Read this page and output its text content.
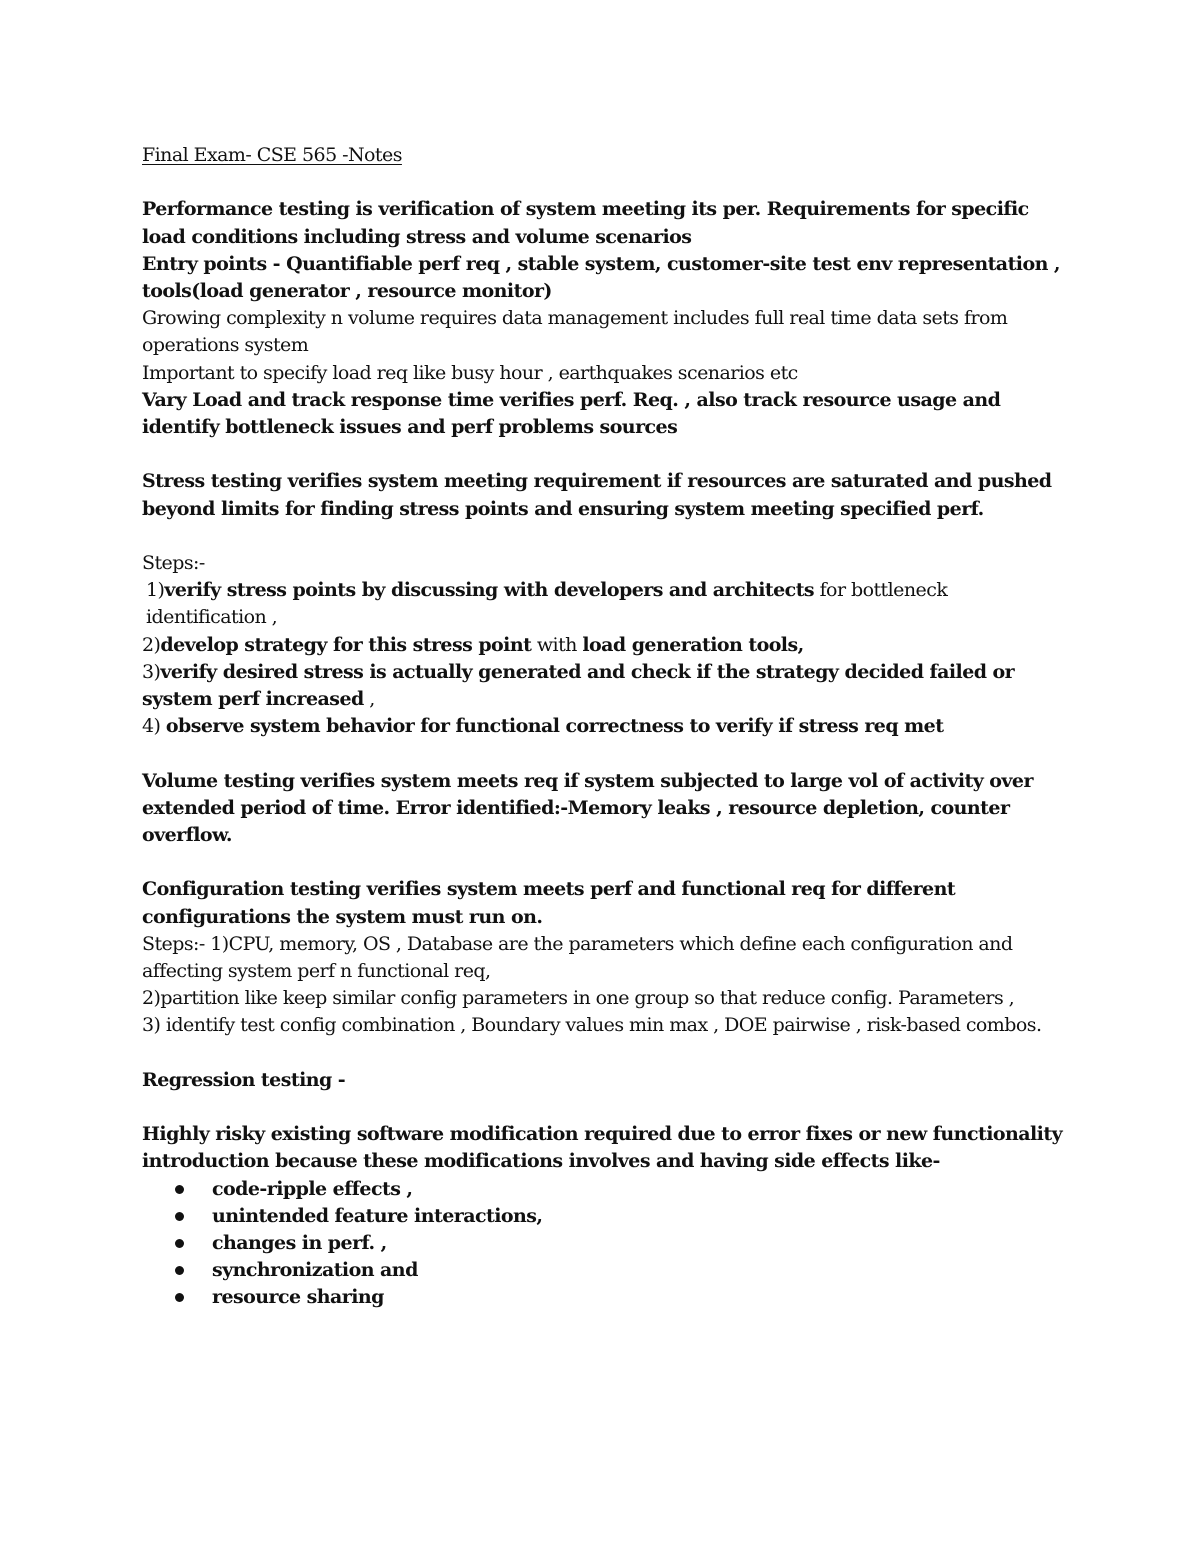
Final Exam- CSE 565 -Notes

Performance testing is verification of system meeting its per. Requirements for specific load conditions including stress and volume scenarios

Entry points - Quantifiable perf req , stable system, customer-site test env representation , tools(load generator , resource monitor)

Growing complexity n volume requires data management includes full real time data sets from operations system

Important to specify load req like busy hour , earthquakes scenarios etc

Vary Load and track response time verifies perf. Req. , also track resource usage and identify bottleneck issues and perf problems sources

Stress testing verifies system meeting requirement if resources are saturated and pushed beyond limits for finding stress points and ensuring system meeting specified perf.

Steps:-

1)verify stress points by discussing with developers and architects for bottleneck identification ,

2)develop strategy for this stress point with load generation tools,

3)verify desired stress is actually generated and check if the strategy decided failed or system perf increased ,

4) observe system behavior for functional correctness to verify if stress req met

Volume testing verifies system meets req if system subjected to large vol of activity over extended period of time. Error identified:-Memory leaks , resource depletion, counter overflow.

Configuration testing verifies system meets perf and functional req for different configurations the system must run on.

Steps:- 1)CPU, memory, OS , Database are the parameters which define each configuration and affecting system perf n functional req,

2)partition like keep similar config parameters in one group so that reduce config. Parameters ,

3) identify test config combination , Boundary values min max , DOE pairwise , risk-based combos.

Regression testing -

Highly risky existing software modification required due to error fixes or new functionality introduction because these modifications involves and having side effects like-

code-ripple effects ,
unintended feature interactions,
changes in perf. ,
synchronization and
resource sharing
